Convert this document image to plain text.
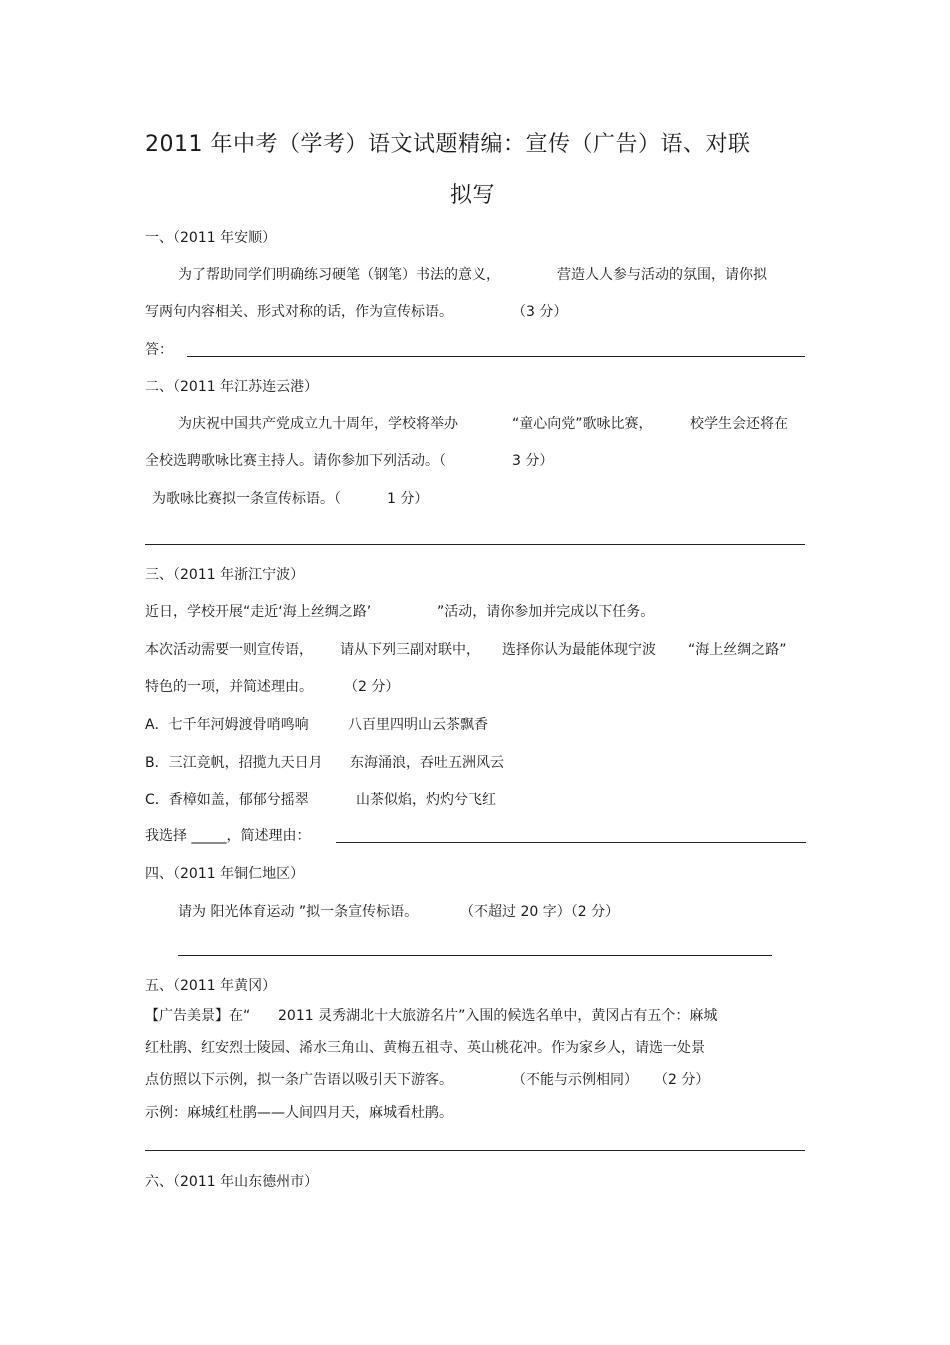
2011 年中考（学考）语文试题精编：宣传（广告）语、对联
拟写
一、（2011 年安顺）
为了帮助同学们明确练习硬笔（钢笔）书法的意义，	营造人人参与活动的氛围，请你拟
写两句内容相关、形式对称的话，作为宣传标语。	（3 分）
答：
二、（2011 年江苏连云港）
为庆祝中国共产党成立九十周年，学校将举办	“童心向党”歌咏比赛，	校学生会还将在
全校选聘歌咏比赛主持人。请你参加下列活动。（	3 分）
为歌咏比赛拟一条宣传标语。（	1 分）
三、（2011 年浙江宁波）
近日，学校开展“走近‘海上丝绸之路’	”活动，请你参加并完成以下任务。
本次活动需要一则宣传语， 请从下列三副对联中， 选择你认为最能体现宁波 “海上丝绸之路”
特色的一项，并简述理由。 （2 分）
A．七千年河姆渡骨哨鸣响	八百里四明山云茶飘香
B．三江竞帆，招揽九天日月 东海涌浪，吞吐五洲风云
C．香樟如盖，郁郁兮摇翠	山茶似焰，灼灼兮飞红
我选择 _____，简述理由：
四、（2011 年铜仁地区）
请为 阳光体育运动 ”拟一条宣传标语。	（不超过 20 字）（2 分）
五、（2011 年黄冈）
【广告美景】在“ 2011 灵秀湖北十大旅游名片”入围的候选名单中，黄冈占有五个：麻城
红杜鹃、红安烈士陵园、浠水三角山、黄梅五祖寺、英山桃花冲。作为家乡人，请选一处景
点仿照以下示例，拟一条广告语以吸引天下游客。	（不能与示例相同） （2 分）
示例：麻城红杜鹃——人间四月天，麻城看杜鹃。
六、（2011 年山东德州市）
